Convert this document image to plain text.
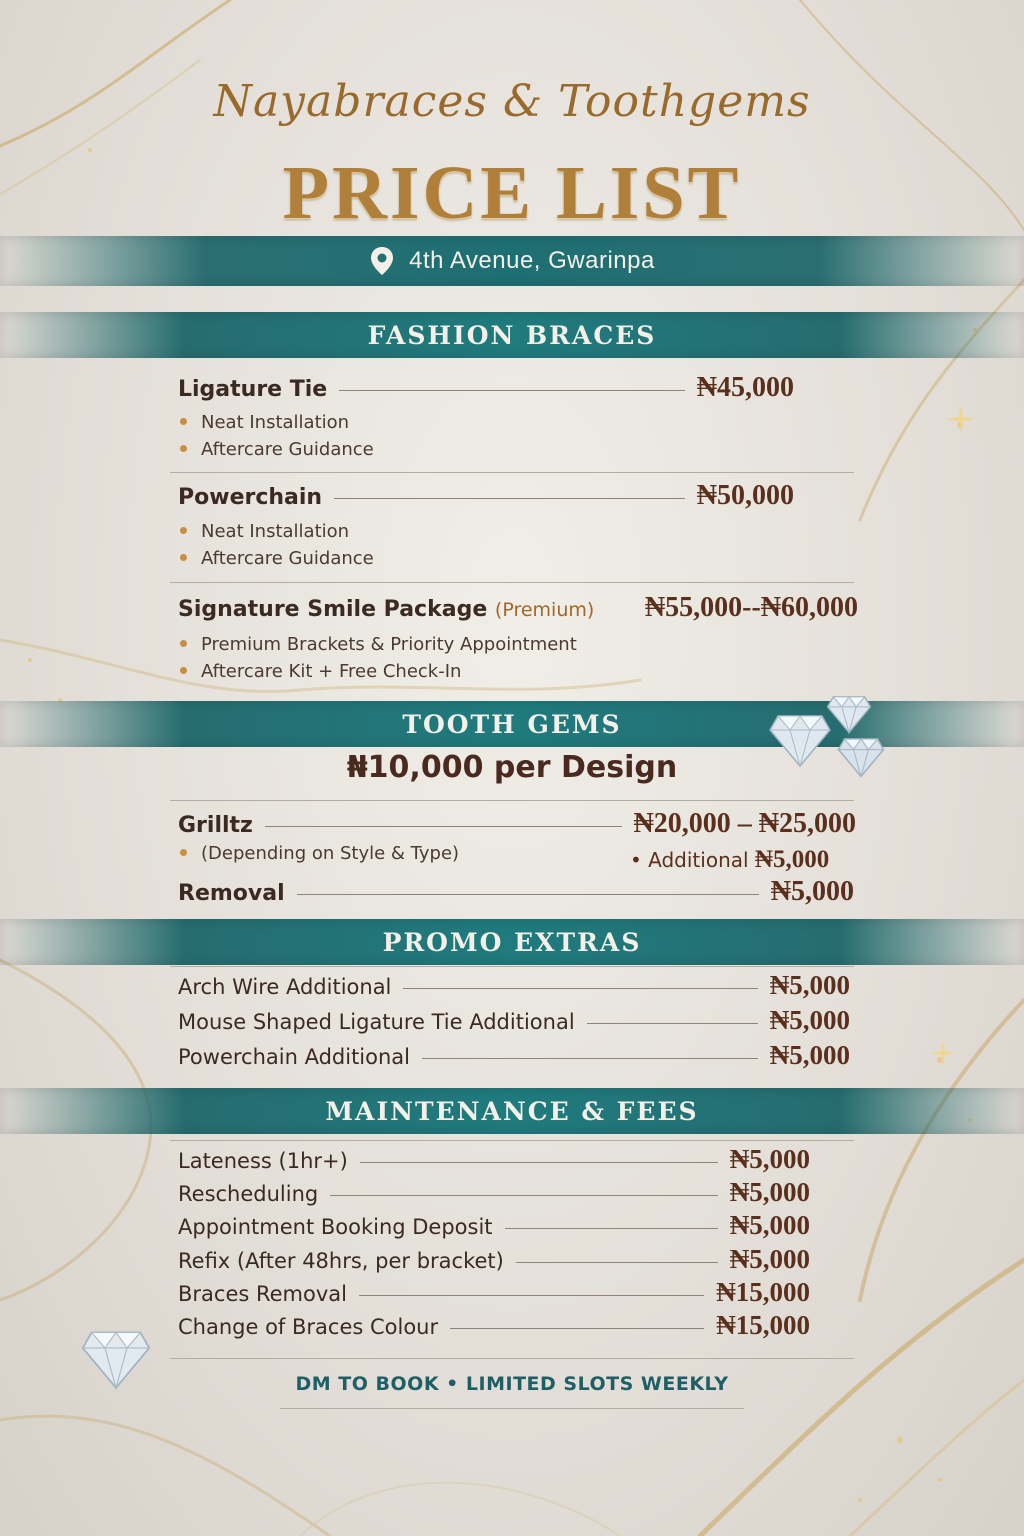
Nayabraces & Toothgems
PRICE LIST
4th Avenue, Gwarinpa
FASHION BRACES
Ligature Tie	₦45,000
Neat Installation
Aftercare Guidance
Powerchain	₦50,000
Neat Installation
Aftercare Guidance
Signature Smile Package (Premium) ₦55,000--₦60,000
Premium Brackets & Priority Appointment
Aftercare Kit + Free Check-In
TOOTH GEMS
₦10,000 per Design
Grilltz	₦20,000 – ₦25,000
(Depending on Style & Type)	• Additional ₦5,000
Removal	₦5,000
PROMO EXTRAS
Arch Wire Additional	₦5,000
Mouse Shaped Ligature Tie Additional	₦5,000
Powerchain Additional	₦5,000
MAINTENANCE & FEES
Lateness (1hr+)	₦5,000
Rescheduling	₦5,000
Appointment Booking Deposit	₦5,000
Refix (After 48hrs, per bracket)	₦5,000
Braces Removal	₦15,000
Change of Braces Colour	₦15,000
DM TO BOOK • LIMITED SLOTS WEEKLY
